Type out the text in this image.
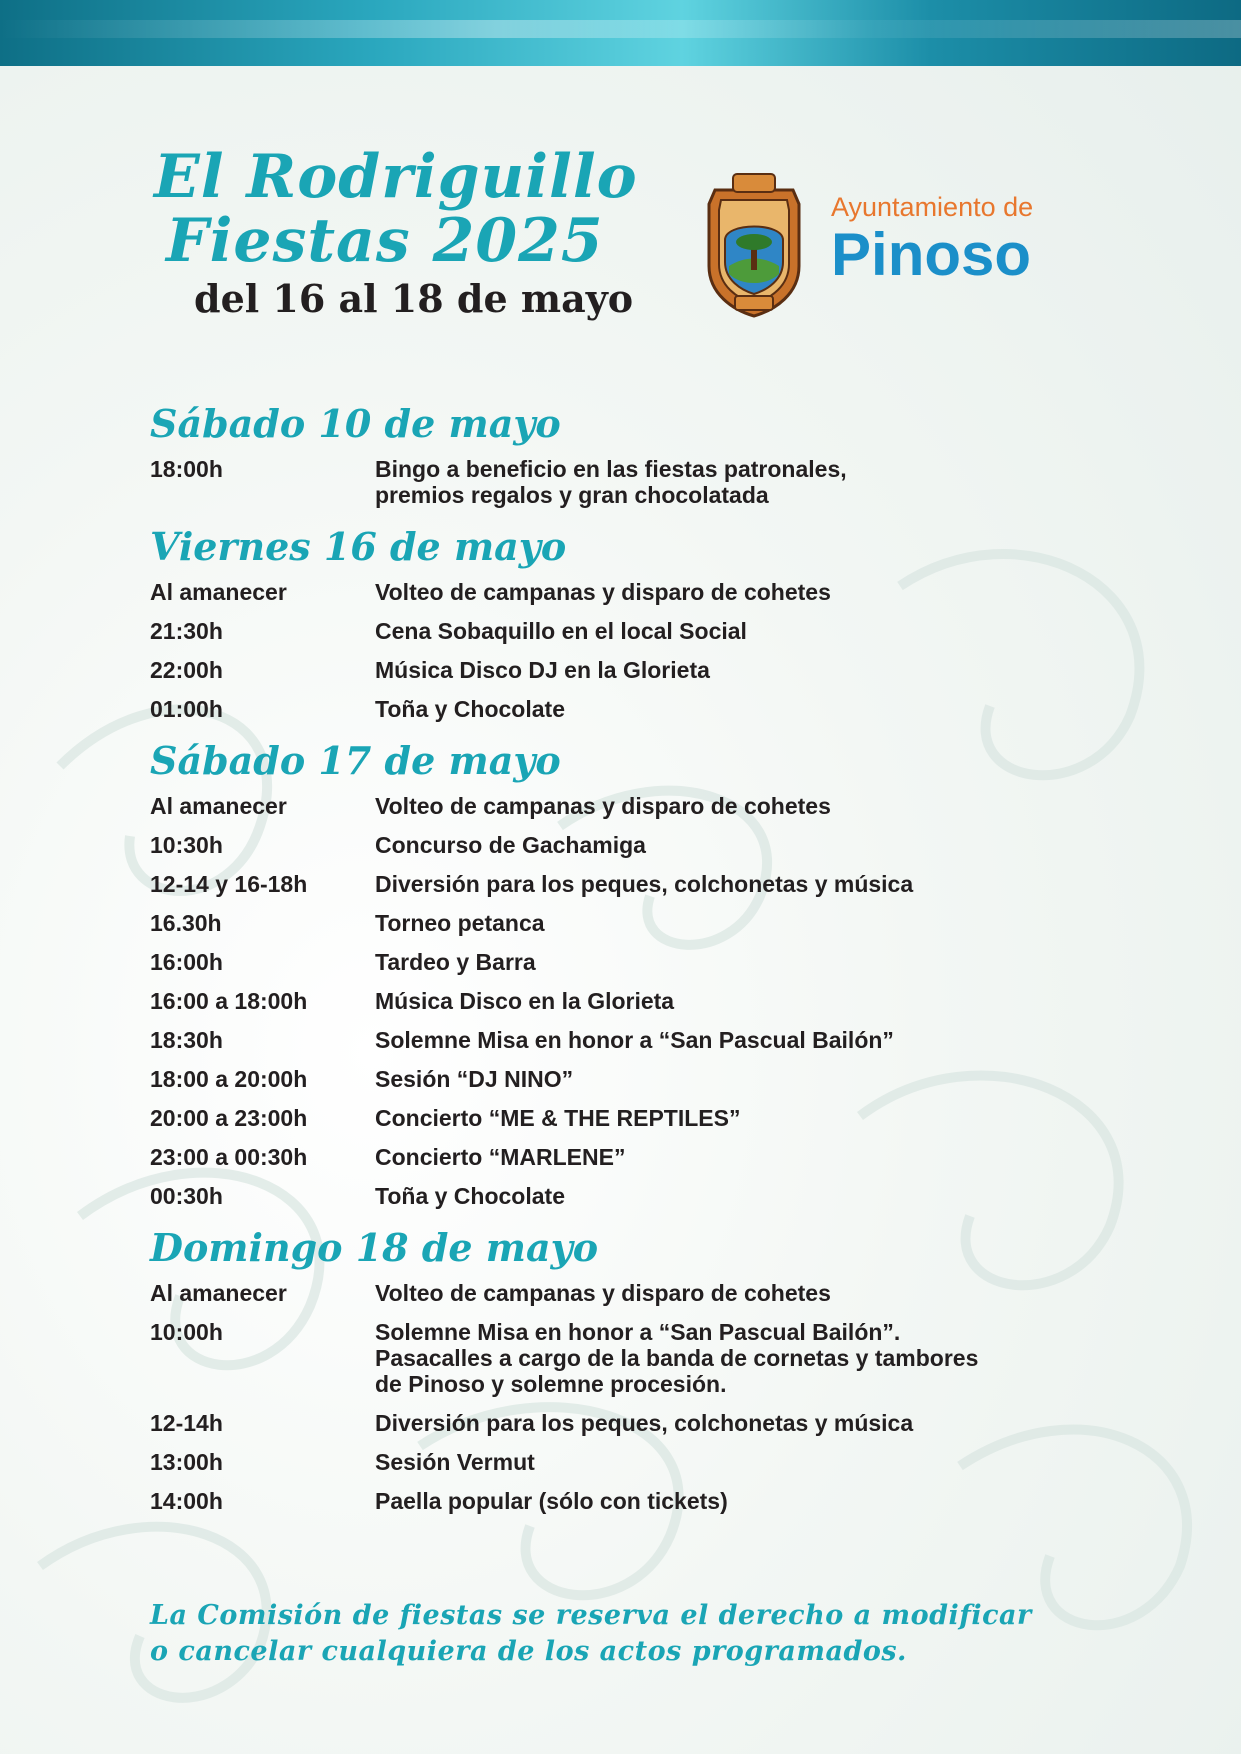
El Rodriguillo
Fiestas 2025
del 16 al 18 de mayo
Ayuntamiento de
Pinoso
Sábado 10 de mayo
18:00h	Bingo a beneficio en las fiestas patronales,
premios regalos y gran chocolatada
Viernes 16 de mayo
Al amanecer	Volteo de campanas y disparo de cohetes
21:30h	Cena Sobaquillo en el local Social
22:00h	Música Disco DJ en la Glorieta
01:00h	Toña y Chocolate
Sábado 17 de mayo
Al amanecer	Volteo de campanas y disparo de cohetes
10:30h	Concurso de Gachamiga
12-14 y 16-18h	Diversión para los peques, colchonetas y música
16.30h	Torneo petanca
16:00h	Tardeo y Barra
16:00 a 18:00h	Música Disco en la Glorieta
18:30h	Solemne Misa en honor a “San Pascual Bailón”
18:00 a 20:00h	Sesión “DJ NINO”
20:00 a 23:00h	Concierto “ME & THE REPTILES”
23:00 a 00:30h	Concierto “MARLENE”
00:30h	Toña y Chocolate
Domingo 18 de mayo
Al amanecer	Volteo de campanas y disparo de cohetes
10:00h	Solemne Misa en honor a “San Pascual Bailón”.
Pasacalles a cargo de la banda de cornetas y tambores
de Pinoso y solemne procesión.
12-14h	Diversión para los peques, colchonetas y música
13:00h	Sesión Vermut
14:00h	Paella popular (sólo con tickets)
La Comisión de fiestas se reserva el derecho a modificar
o cancelar cualquiera de los actos programados.
